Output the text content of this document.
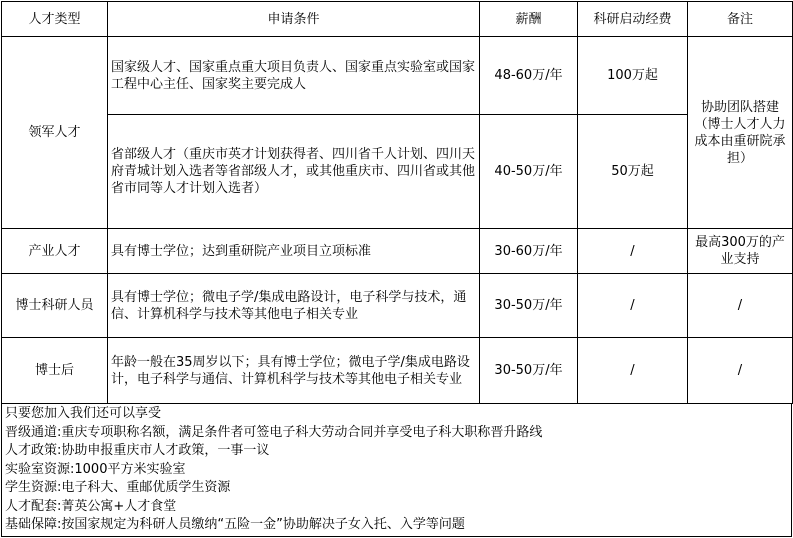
人才类型	申请条件	薪酬	科研启动经费	备注
领军人才	国家级人才、国家重点重大项目负责人、国家重点实验室或国家工程中心主任、国家奖主要完成人	48-60万/年	100万起	协助团队搭建（博士人才人力成本由重研院承担）
	省部级人才（重庆市英才计划获得者、四川省千人计划、四川天府青城计划入选者等省部级人才，或其他重庆市、四川省或其他省市同等人才计划入选者）	40-50万/年	50万起	
产业人才	具有博士学位；达到重研院产业项目立项标准	30-60万/年	/	最高300万的产业支持
博士科研人员	具有博士学位；微电子学/集成电路设计，电子科学与技术，通信、计算机科学与技术等其他电子相关专业	30-50万/年	/	/
博士后	年龄一般在35周岁以下；具有博士学位；微电子学/集成电路设计，电子科学与通信、计算机科学与技术等其他电子相关专业	30-50万/年	/	/
只要您加入我们还可以享受
晋级通道:重庆专项职称名额，满足条件者可签电子科大劳动合同并享受电子科大职称晋升路线
人才政策:协助申报重庆市人才政策，一事一议
实验室资源:1000平方米实验室
学生资源:电子科大、重邮优质学生资源
人才配套:菁英公寓+人才食堂
基础保障:按国家规定为科研人员缴纳“五险一金”协助解决子女入托、入学等问题
